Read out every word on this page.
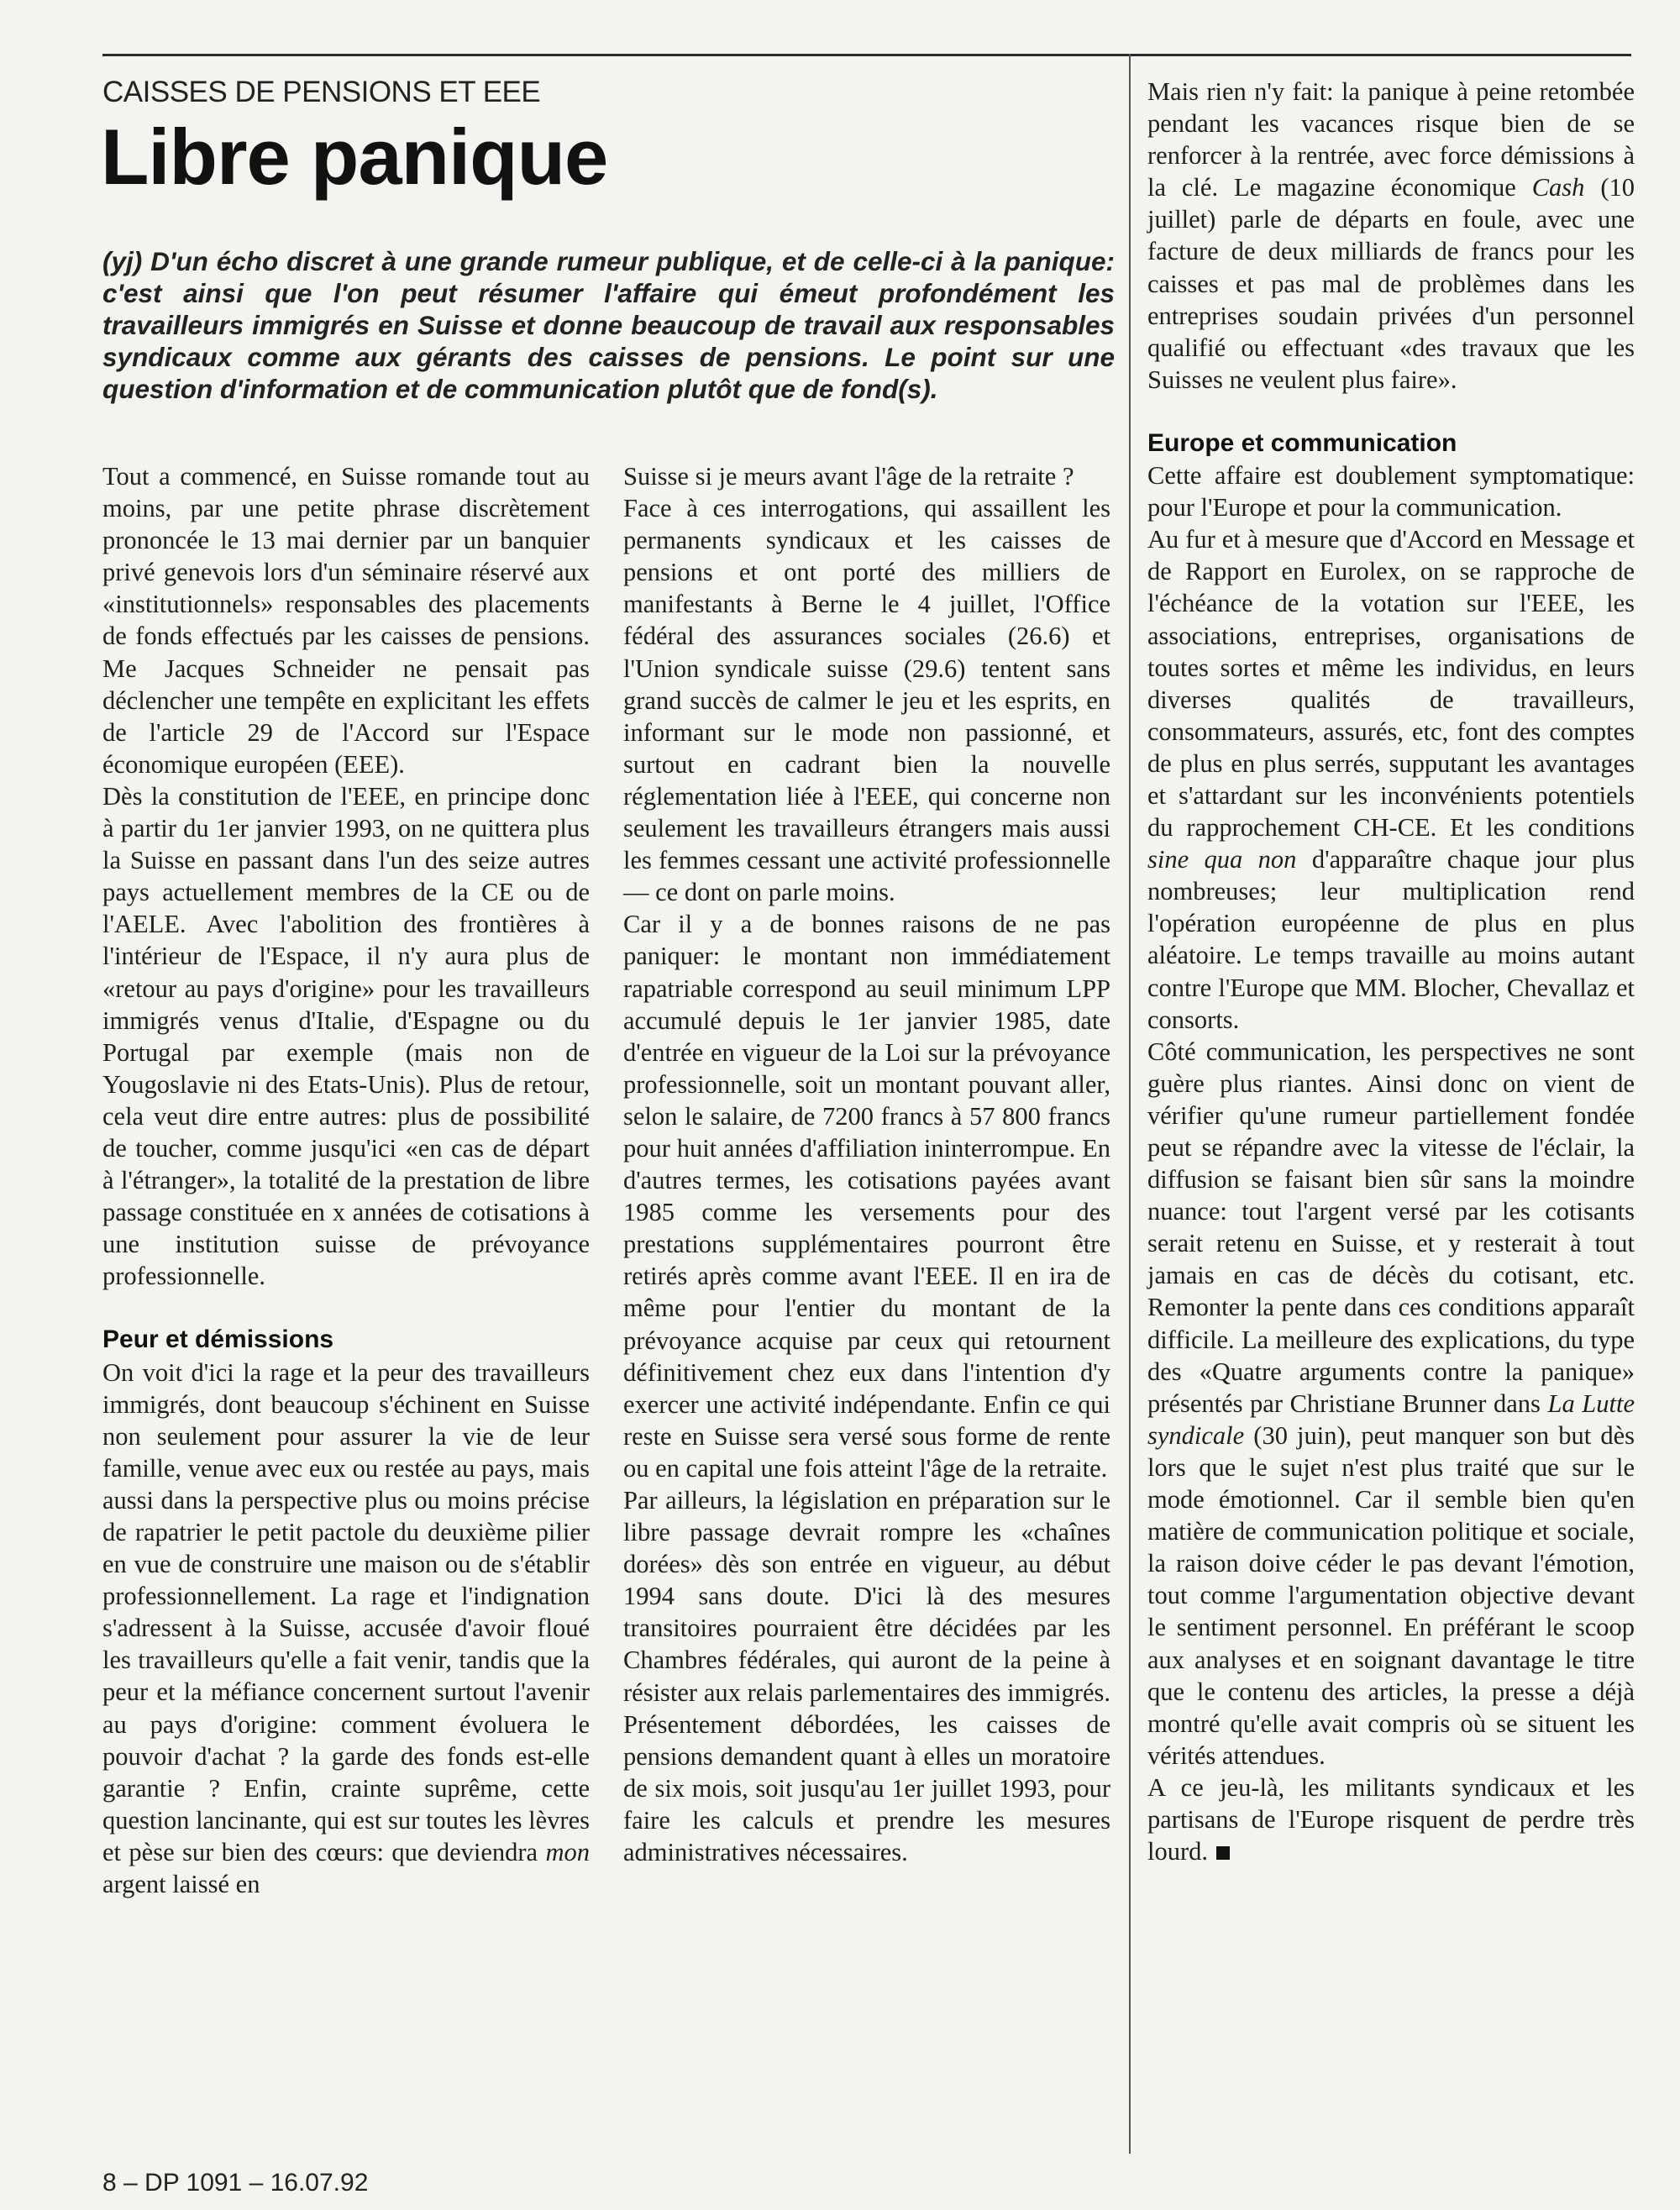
CAISSES DE PENSIONS ET EEE
Libre panique

(yj) D'un écho discret à une grande rumeur publique, et de celle-ci à la panique: c'est ainsi que l'on peut résumer l'affaire qui émeut profondément les travailleurs immigrés en Suisse et donne beaucoup de travail aux responsables syndicaux comme aux gérants des caisses de pensions. Le point sur une question d'information et de communication plutôt que de fond(s).

Tout a commencé, en Suisse romande tout au moins, par une petite phrase discrètement prononcée le 13 mai dernier par un banquier privé genevois lors d'un séminaire réservé aux «institutionnels» responsables des placements de fonds effectués par les caisses de pensions. Me Jacques Schneider ne pensait pas déclencher une tempête en explicitant les effets de l'article 29 de l'Accord sur l'Espace économique européen (EEE).

Dès la constitution de l'EEE, en principe donc à partir du 1er janvier 1993, on ne quittera plus la Suisse en passant dans l'un des seize autres pays actuellement membres de la CE ou de l'AELE. Avec l'abolition des frontières à l'intérieur de l'Espace, il n'y aura plus de «retour au pays d'origine» pour les travailleurs immigrés venus d'Italie, d'Espagne ou du Portugal par exemple (mais non de Yougoslavie ni des Etats-Unis). Plus de retour, cela veut dire entre autres: plus de possibilité de toucher, comme jusqu'ici «en cas de départ à l'étranger», la totalité de la prestation de libre passage constituée en x années de cotisations à une institution suisse de prévoyance professionnelle.

Peur et démissions

On voit d'ici la rage et la peur des travailleurs immigrés, dont beaucoup s'échinent en Suisse non seulement pour assurer la vie de leur famille, venue avec eux ou restée au pays, mais aussi dans la perspective plus ou moins précise de rapatrier le petit pactole du deuxième pilier en vue de construire une maison ou de s'établir professionnellement. La rage et l'indignation s'adressent à la Suisse, accusée d'avoir floué les travailleurs qu'elle a fait venir, tandis que la peur et la méfiance concernent surtout l'avenir au pays d'origine: comment évoluera le pouvoir d'achat ? la garde des fonds est-elle garantie ? Enfin, crainte suprême, cette question lancinante, qui est sur toutes les lèvres et pèse sur bien des cœurs: que deviendra mon argent laissé en

Suisse si je meurs avant l'âge de la retraite ?

Face à ces interrogations, qui assaillent les permanents syndicaux et les caisses de pensions et ont porté des milliers de manifestants à Berne le 4 juillet, l'Office fédéral des assurances sociales (26.6) et l'Union syndicale suisse (29.6) tentent sans grand succès de calmer le jeu et les esprits, en informant sur le mode non passionné, et surtout en cadrant bien la nouvelle réglementation liée à l'EEE, qui concerne non seulement les travailleurs étrangers mais aussi les femmes cessant une activité professionnelle — ce dont on parle moins.

Car il y a de bonnes raisons de ne pas paniquer: le montant non immédiatement rapatriable correspond au seuil minimum LPP accumulé depuis le 1er janvier 1985, date d'entrée en vigueur de la Loi sur la prévoyance professionnelle, soit un montant pouvant aller, selon le salaire, de 7200 francs à 57 800 francs pour huit années d'affiliation ininterrompue. En d'autres termes, les cotisations payées avant 1985 comme les versements pour des prestations supplémentaires pourront être retirés après comme avant l'EEE. Il en ira de même pour l'entier du montant de la prévoyance acquise par ceux qui retournent définitivement chez eux dans l'intention d'y exercer une activité indépendante. Enfin ce qui reste en Suisse sera versé sous forme de rente ou en capital une fois atteint l'âge de la retraite.

Par ailleurs, la législation en préparation sur le libre passage devrait rompre les «chaînes dorées» dès son entrée en vigueur, au début 1994 sans doute. D'ici là des mesures transitoires pourraient être décidées par les Chambres fédérales, qui auront de la peine à résister aux relais parlementaires des immigrés. Présentement débordées, les caisses de pensions demandent quant à elles un moratoire de six mois, soit jusqu'au 1er juillet 1993, pour faire les calculs et prendre les mesures administratives nécessaires.

Mais rien n'y fait: la panique à peine retombée pendant les vacances risque bien de se renforcer à la rentrée, avec force démissions à la clé. Le magazine économique Cash (10 juillet) parle de départs en foule, avec une facture de deux milliards de francs pour les caisses et pas mal de problèmes dans les entreprises soudain privées d'un personnel qualifié ou effectuant «des travaux que les Suisses ne veulent plus faire».

Europe et communication

Cette affaire est doublement symptomatique: pour l'Europe et pour la communication.

Au fur et à mesure que d'Accord en Message et de Rapport en Eurolex, on se rapproche de l'échéance de la votation sur l'EEE, les associations, entreprises, organisations de toutes sortes et même les individus, en leurs diverses qualités de travailleurs, consommateurs, assurés, etc, font des comptes de plus en plus serrés, supputant les avantages et s'attardant sur les inconvénients potentiels du rapprochement CH-CE. Et les conditions sine qua non d'apparaître chaque jour plus nombreuses; leur multiplication rend l'opération européenne de plus en plus aléatoire. Le temps travaille au moins autant contre l'Europe que MM. Blocher, Chevallaz et consorts.

Côté communication, les perspectives ne sont guère plus riantes. Ainsi donc on vient de vérifier qu'une rumeur partiellement fondée peut se répandre avec la vitesse de l'éclair, la diffusion se faisant bien sûr sans la moindre nuance: tout l'argent versé par les cotisants serait retenu en Suisse, et y resterait à tout jamais en cas de décès du cotisant, etc. Remonter la pente dans ces conditions apparaît difficile. La meilleure des explications, du type des «Quatre arguments contre la panique» présentés par Christiane Brunner dans La Lutte syndicale (30 juin), peut manquer son but dès lors que le sujet n'est plus traité que sur le mode émotionnel. Car il semble bien qu'en matière de communication politique et sociale, la raison doive céder le pas devant l'émotion, tout comme l'argumentation objective devant le sentiment personnel. En préférant le scoop aux analyses et en soignant davantage le titre que le contenu des articles, la presse a déjà montré qu'elle avait compris où se situent les vérités attendues.

A ce jeu-là, les militants syndicaux et les partisans de l'Europe risquent de perdre très lourd.

8 – DP 1091 – 16.07.92
